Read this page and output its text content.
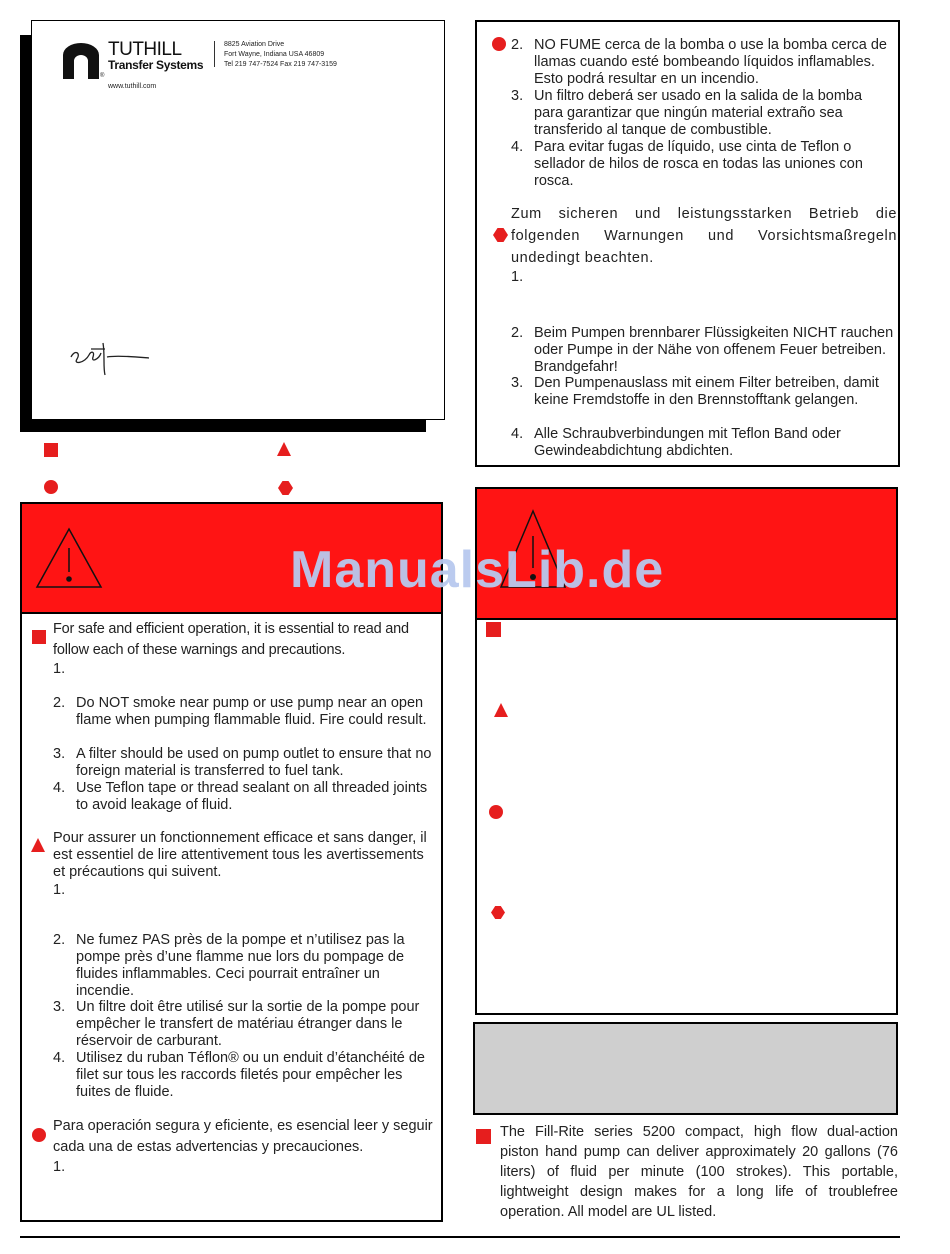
TUTHILL
Transfer Systems
®
8825 Aviation Drive
Fort Wayne, Indiana USA 46809
Tel 219 747-7524 Fax 219 747-3159
www.tuthill.com
2. NO FUME cerca de la bomba o use la bomba cerca de llamas cuando esté bombeando líquidos inflamables. Esto podrá resultar en un incendio.
3. Un filtro deberá ser usado en la salida de la bomba para garantizar que ningún material extraño sea transferido al tanque de combustible.
4. Para evitar fugas de líquido, use cinta de Teflon o sellador de hilos de rosca en todas las uniones con rosca.
Zum sicheren und leistungsstarken Betrieb die folgenden Warnungen und Vorsichtsmaßregeln undedingt beachten.
1.
2. Beim Pumpen brennbarer Flüssigkeiten NICHT rauchen oder Pumpe in der Nähe von offenem Feuer betreiben. Brandgefahr!
3. Den Pumpenauslass mit einem Filter betreiben, damit keine Fremdstoffe in den Brennstofftank gelangen.
4. Alle Schraubverbindungen mit Teflon Band oder Gewindeabdichtung abdichten.
For safe and efficient operation, it is essential to read and follow each of these warnings and precautions.
1.
2. Do NOT smoke near pump or use pump near an open flame when pumping flammable fluid. Fire could result.
3. A filter should be used on pump outlet to ensure that no foreign material is transferred to fuel tank.
4. Use Teflon tape or thread sealant on all threaded joints to avoid leakage of fluid.
Pour assurer un fonctionnement efficace et sans danger, il est essentiel de lire attentivement tous les avertissements et précautions qui suivent.
1.
2. Ne fumez PAS près de la pompe et n’utilisez pas la pompe près d’une flamme nue lors du pompage de fluides inflammables. Ceci pourrait entraîner un incendie.
3. Un filtre doit être utilisé sur la sortie de la pompe pour empêcher le transfert de matériau étranger dans le réservoir de carburant.
4. Utilisez du ruban Téflon® ou un enduit d’étanchéité de filet sur tous les raccords filetés pour empêcher les fuites de fluide.
Para operación segura y eficiente, es esencial leer y seguir cada una de estas advertencias y precauciones.
1.
The Fill-Rite series 5200 compact, high flow dual-action piston hand pump can deliver approximately 20 gallons (76 liters) of fluid per minute (100 strokes). This portable, lightweight design makes for a long life of troublefree operation. All model are UL listed.
ManualsLib.de
